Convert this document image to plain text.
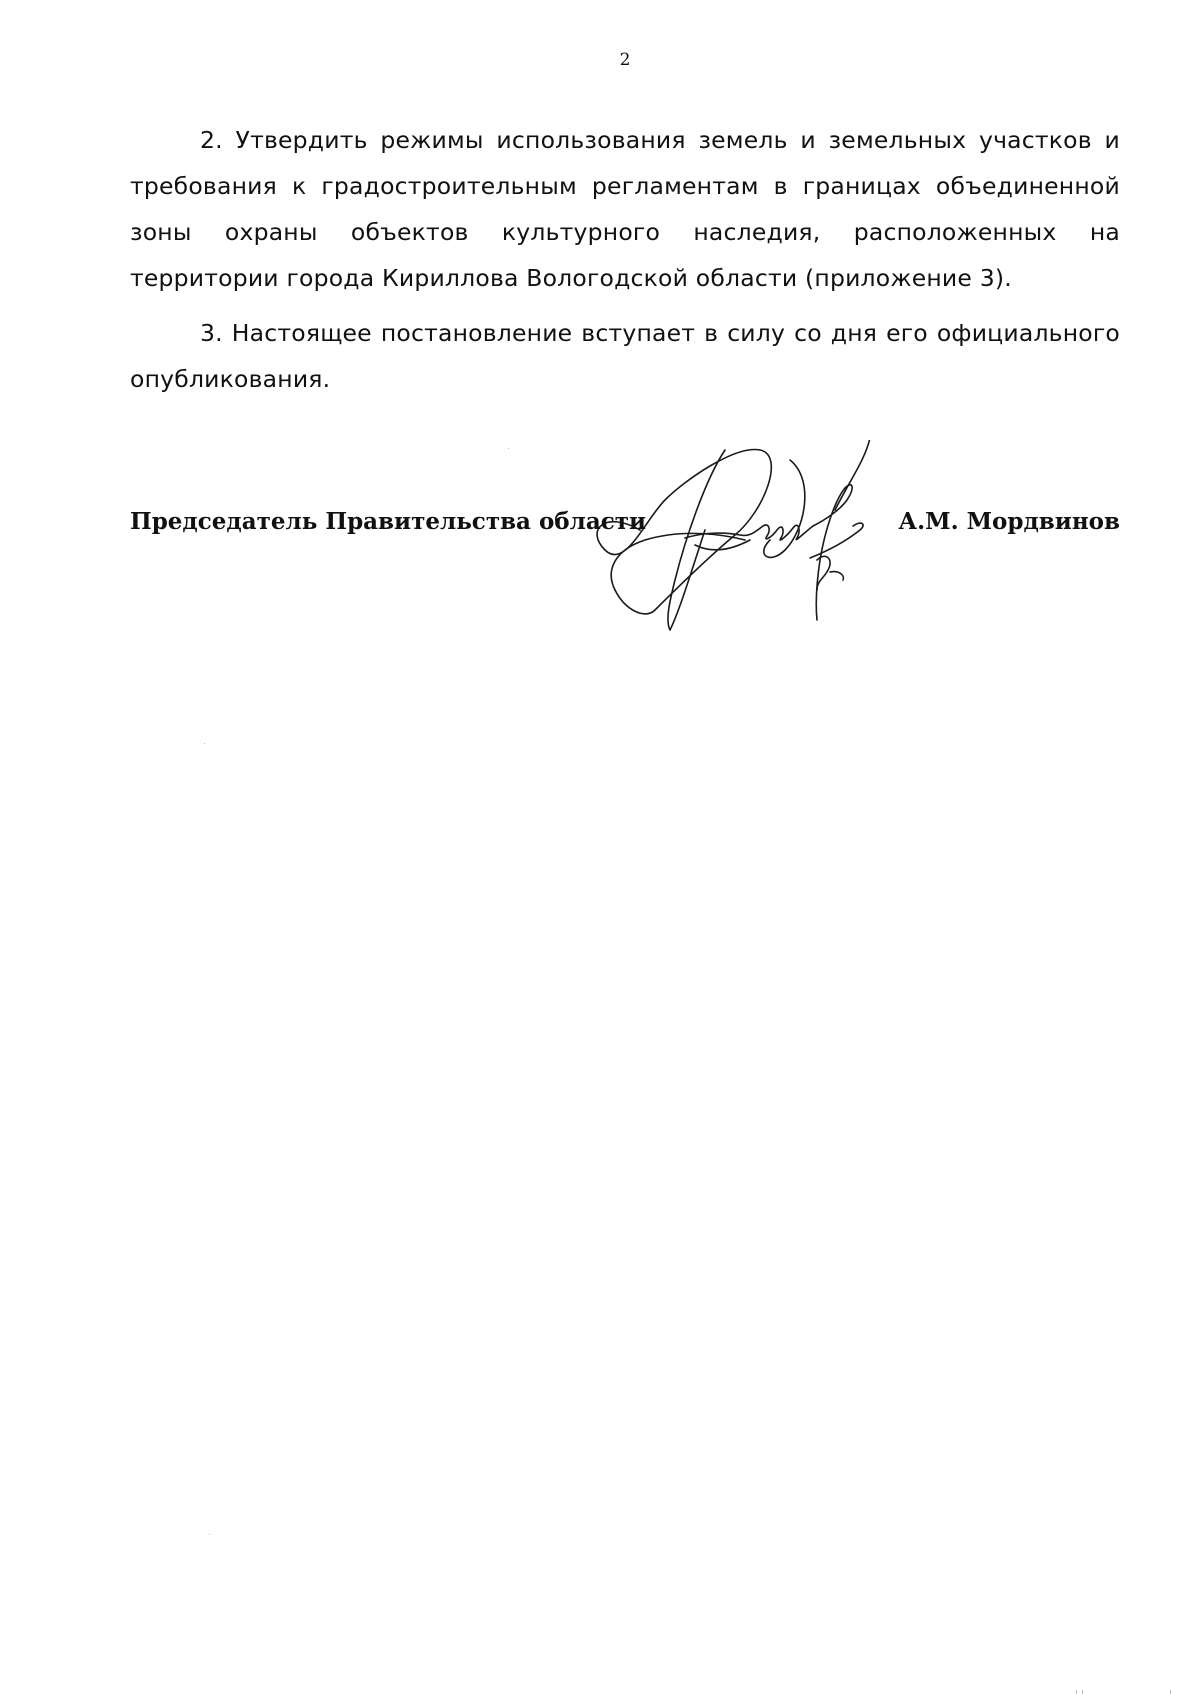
2

2. Утвердить режимы использования земель и земельных участков и требования к градостроительным регламентам в границах объединенной зоны охраны объектов культурного наследия, расположенных на территории города Кириллова Вологодской области (приложение 3).

3. Настоящее постановление вступает в силу со дня его официального опубликования.

Председатель Правительства области	А.М. Мордвинов
